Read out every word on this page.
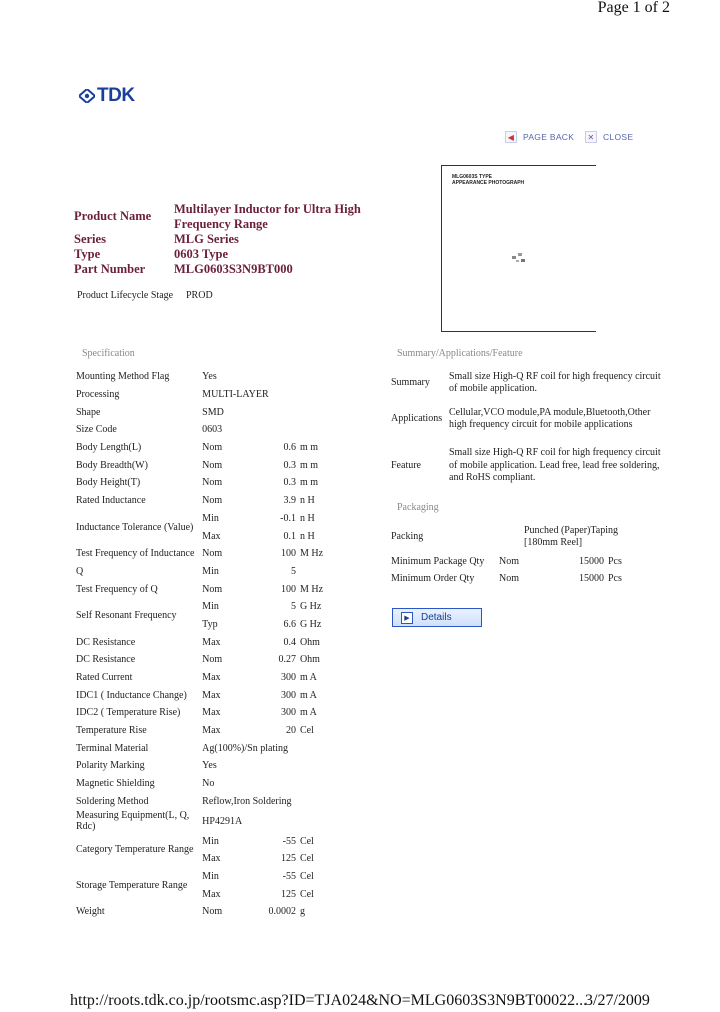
Page 1 of 2
TDK
◀	PAGE BACK	✕ CLOSE
Product Name Multilayer Inductor for Ultra High Frequency Range
Series	MLG Series
Type	0603 Type
Part Number MLG0603S3N9BT000
Product Lifecycle Stage PROD
MLG0603S TYPE
APPEARANCE PHOTOGRAPH
Specification	Summary/Applications/Feature
Mounting Method Flag	Yes		
Processing	MULTI-LAYER		
Shape	SMD		
Size Code	0603		
Body Length(L)	Nom	0.6	m m
Body Breadth(W)	Nom	0.3	m m
Body Height(T)	Nom	0.3	m m
Rated Inductance	Nom	3.9	n H
Inductance Tolerance (Value)	Min	-0.1	n H
	Max	0.1	n H
Test Frequency of Inductance	Nom	100	M Hz
Q	Min	5	
Test Frequency of Q	Nom	100	M Hz
Self Resonant Frequency	Min	5	G Hz
	Typ	6.6	G Hz
DC Resistance	Max	0.4	Ohm
DC Resistance	Nom	0.27	Ohm
Rated Current	Max	300	m A
IDC1 ( Inductance Change)	Max	300	m A
IDC2 ( Temperature Rise)	Max	300	m A
Temperature Rise	Max	20	Cel
Terminal Material	Ag(100%)/Sn plating		
Polarity Marking	Yes		
Magnetic Shielding	No		
Soldering Method	Reflow,Iron Soldering		
Measuring Equipment(L, Q, Rdc)	HP4291A		
Category Temperature Range	Min	-55	Cel
	Max	125	Cel
Storage Temperature Range	Min	-55	Cel
	Max	125	Cel
Weight	Nom	0.0002	g
Summary	Small size High-Q RF coil for high frequency circuit of mobile application.
Applications	Cellular,VCO module,PA module,Bluetooth,Other high frequency circuit for mobile applications
Feature	Small size High-Q RF coil for high frequency circuit of mobile application. Lead free, lead free soldering, and RoHS compliant.
Packaging
Packing		Punched (Paper)Taping [180mm Reel]	
Minimum Package Qty	Nom	15000	Pcs
Minimum Order Qty	Nom	15000	Pcs
▶	Details
http://roots.tdk.co.jp/rootsmc.asp?ID=TJA024&NO=MLG0603S3N9BT00022...
3/27/2009
